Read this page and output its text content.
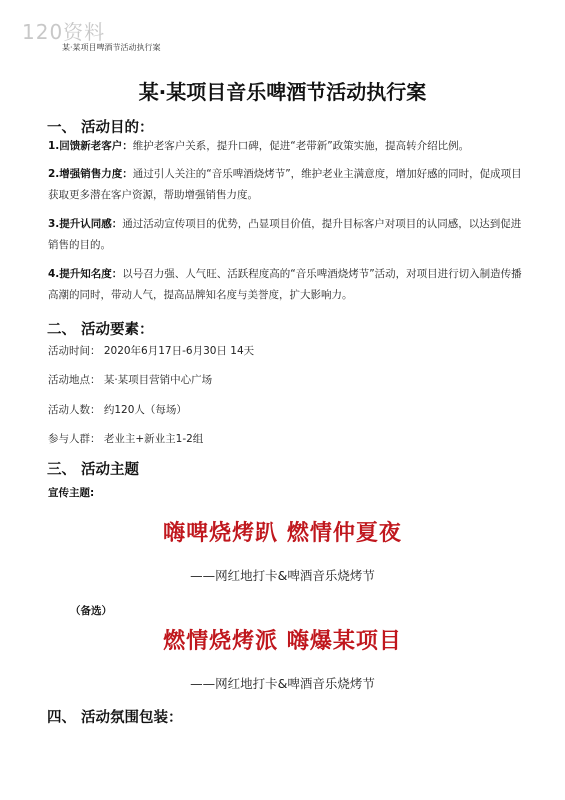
120资料
某·某项目啤酒节活动执行案
某·某项目音乐啤酒节活动执行案
一、 活动目的：
1.回馈新老客户：维护老客户关系，提升口碑，促进“老带新”政策实施，提高转介绍比例。
2.增强销售力度：通过引人关注的“音乐啤酒烧烤节”，维护老业主满意度，增加好感的同时，促成项目获取更多潜在客户资源，帮助增强销售力度。
3.提升认同感：通过活动宣传项目的优势，凸显项目价值，提升目标客户对项目的认同感，以达到促进销售的目的。
4.提升知名度：以号召力强、人气旺、活跃程度高的“音乐啤酒烧烤节”活动，对项目进行切入制造传播高潮的同时，带动人气，提高品牌知名度与美誉度，扩大影响力。
二、 活动要素：
活动时间： 2020年6月17日-6月30日 14天
活动地点： 某·某项目营销中心广场
活动人数： 约120人（每场）
参与人群： 老业主+新业主1-2组
三、 活动主题
宣传主题:
嗨啤烧烤趴 燃情仲夏夜
——网红地打卡&啤酒音乐烧烤节
（备选）
燃情烧烤派 嗨爆某项目
——网红地打卡&啤酒音乐烧烤节
四、 活动氛围包装：
